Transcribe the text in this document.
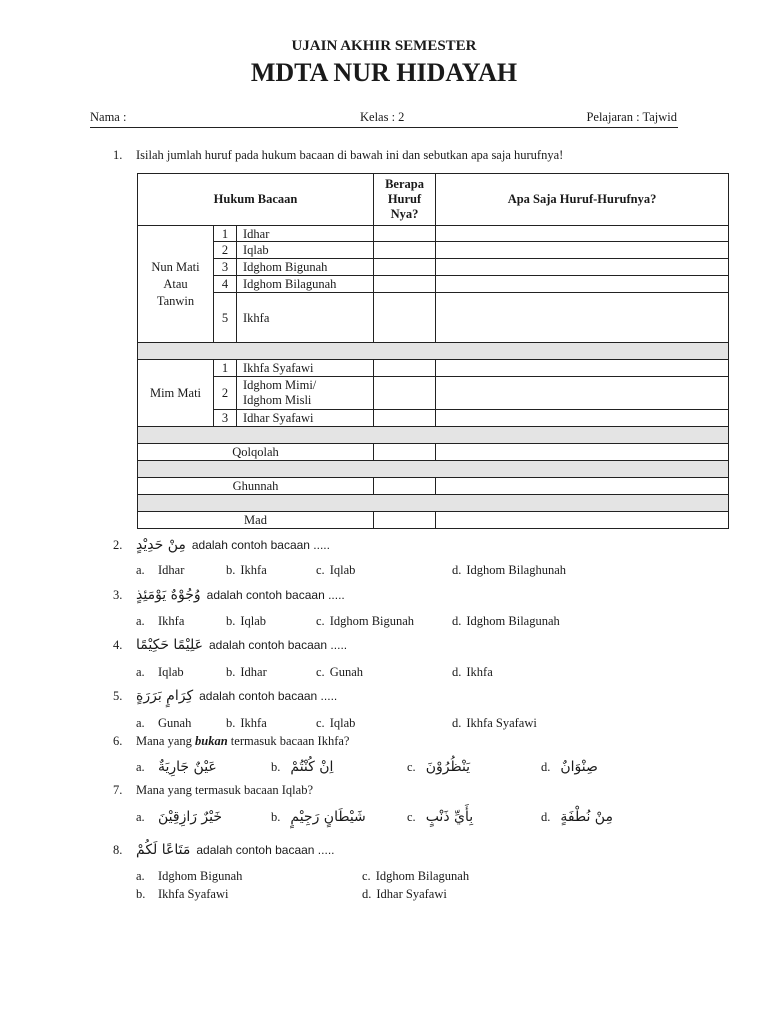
UJAIN AKHIR SEMESTER
MDTA NUR HIDAYAH
Nama :	Kelas : 2	Pelajaran : Tajwid
1. Isilah jumlah huruf pada hukum bacaan di bawah ini dan sebutkan apa saja hurufnya!
Hukum Bacaan			Berapa Huruf Nya?	Apa Saja Huruf-Hurufnya?

Nun Mati Atau Tanwin	1	Idhar		
	2	Iqlab		
	3	Idghom Bigunah		
	4	Idghom Bilagunah		
	5	Ikhfa		

Mim Mati	1	Ikhfa Syafawi		
	2	Idghom Mimi/ Idghom Misli		

	3	Idhar Syafawi		

Qolqolah				

Ghunnah				

Mad				
2. مِنْ حَدِيْدٍ adalah contoh bacaan .....
a.	Idhar	b. Ikhfa	c. Iqlab	d. Idghom Bilaghunah
3. وُجُوْهٌ يَوْمَئِذٍ adalah contoh bacaan .....
a.	Ikhfa	b. Iqlab	c. Idghom Bigunah	d. Idghom Bilagunah
4. عَلِيْمًا حَكِيْمًا adalah contoh bacaan .....
a.	Iqlab	b. Idhar	c. Gunah	d. Ikhfa
5. كِرَامٍ بَرَرَةٍ adalah contoh bacaan .....
a.	Gunah	b. Ikhfa	c. Iqlab	d. Ikhfa Syafawi
6. Mana yang bukan termasuk bacaan Ikhfa?
a. عَيْنٌ جَارِيَةٌ	b. اِنْ كُنْتُمْ	c. يَنْظُرُوْنَ	d. صِنْوَانٌ
7. Mana yang termasuk bacaan Iqlab?
a. خَيْرٌ رَازِقِيْنَ	b. شَيْطَانٍ رَجِيْمٍ	c. بِأَيِّ ذَنْبٍ	d. مِنْ نُطْفَةٍ
8. مَتَاعًا لَكُمْ adalah contoh bacaan .....
a.	Idghom Bigunah	c. Idghom Bilagunah
b.	Ikhfa Syafawi	d. Idhar Syafawi
